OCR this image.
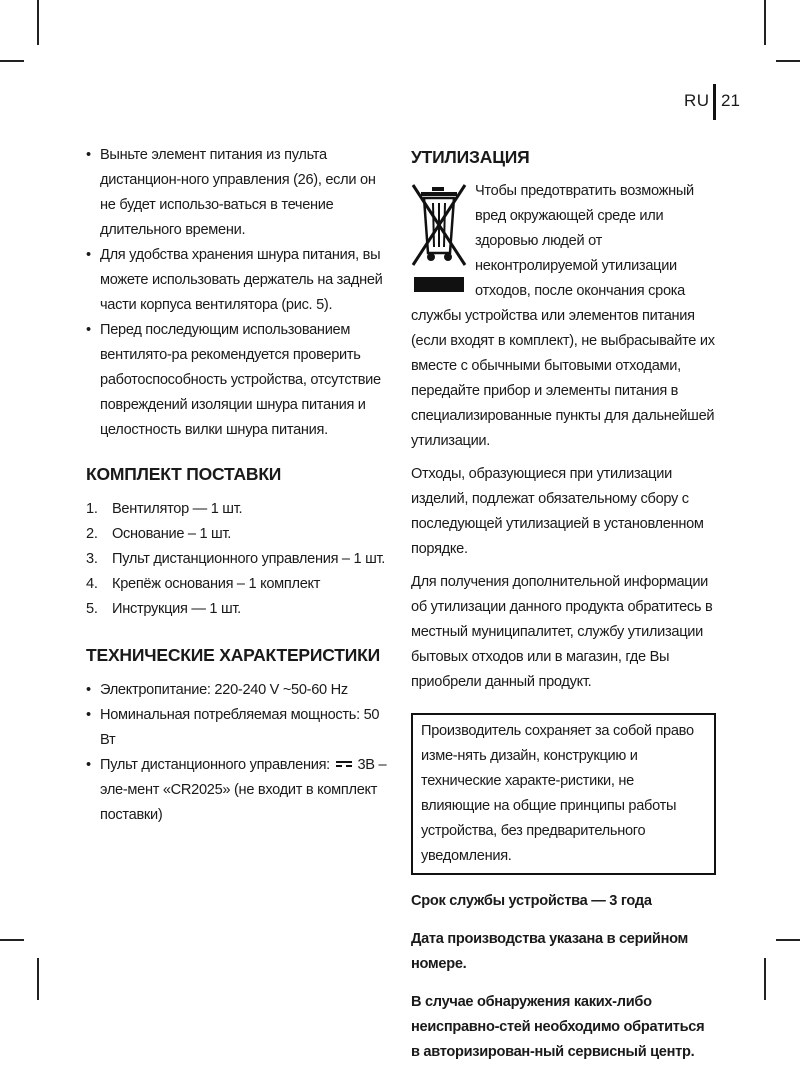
RU 21
• Выньте элемент питания из пульта дистанцион-ного управления (26), если он не будет использо-ваться в течение длительного времени.
• Для удобства хранения шнура питания, вы можете использовать держатель на задней части корпуса вентилятора (рис. 5).
• Перед последующим использованием вентилято-ра рекомендуется проверить работоспособность устройства, отсутствие повреждений изоляции шнура питания и целостность вилки шнура питания.
КОМПЛЕКТ ПОСТАВКИ
1. Вентилятор — 1 шт.
2. Основание – 1 шт.
3. Пульт дистанционного управления – 1 шт.
4. Крепёж основания – 1 комплект
5. Инструкция — 1 шт.
ТЕХНИЧЕСКИЕ ХАРАКТЕРИСТИКИ
• Электропитание: 220-240 V ~50-60 Hz
• Номинальная потребляемая мощность: 50 Вт
• Пульт дистанционного управления: 3В – эле-мент «CR2025» (не входит в комплект поставки)
УТИЛИЗАЦИЯ

Чтобы предотвратить возможный вред окружающей среде или здоровью людей от неконтролируемой утилизации отходов, после окончания срока службы устройства или элементов питания (если входят в комплект), не выбрасывайте их вместе с обычными бытовыми отходами, передайте прибор и элементы питания в специализированные пункты для дальнейшей утилизации.

Отходы, образующиеся при утилизации изделий, подлежат обязательному сбору с последующей утилизацией в установленном порядке.

Для получения дополнительной информации об утилизации данного продукта обратитесь в местный муниципалитет, службу утилизации бытовых отходов или в магазин, где Вы приобрели данный продукт.

Производитель сохраняет за собой право изме-нять дизайн, конструкцию и технические характе-ристики, не влияющие на общие принципы работы устройства, без предварительного уведомления.

Срок службы устройства — 3 года

Дата производства указана в серийном номере.

В случае обнаружения каких-либо неисправно-стей необходимо обратиться в авторизирован-ный сервисный центр.
